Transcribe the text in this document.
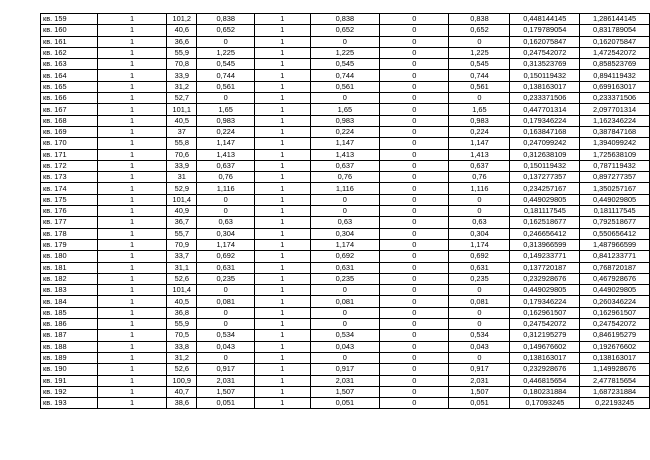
кв. 159	1	101,2	0,838	1	0,838	0	0,838	0,448144145	1,286144145
кв. 160	1	40,6	0,652	1	0,652	0	0,652	0,179789054	0,831789054
кв. 161	1	36,6	0	1	0	0	0	0,162075847	0,162075847
кв. 162	1	55,9	1,225	1	1,225	0	1,225	0,247542072	1,472542072
кв. 163	1	70,8	0,545	1	0,545	0	0,545	0,313523769	0,858523769
кв. 164	1	33,9	0,744	1	0,744	0	0,744	0,150119432	0,894119432
кв. 165	1	31,2	0,561	1	0,561	0	0,561	0,138163017	0,699163017
кв. 166	1	52,7	0	1	0	0	0	0,233371506	0,233371506
кв. 167	1	101,1	1,65	1	1,65	0	1,65	0,447701314	2,097701314
кв. 168	1	40,5	0,983	1	0,983	0	0,983	0,179346224	1,162346224
кв. 169	1	37	0,224	1	0,224	0	0,224	0,163847168	0,387847168
кв. 170	1	55,8	1,147	1	1,147	0	1,147	0,247099242	1,394099242
кв. 171	1	70,6	1,413	1	1,413	0	1,413	0,312638109	1,725638109
кв. 172	1	33,9	0,637	1	0,637	0	0,637	0,150119432	0,787119432
кв. 173	1	31	0,76	1	0,76	0	0,76	0,137277357	0,897277357
кв. 174	1	52,9	1,116	1	1,116	0	1,116	0,234257167	1,350257167
кв. 175	1	101,4	0	1	0	0	0	0,449029805	0,449029805
кв. 176	1	40,9	0	1	0	0	0	0,181117545	0,181117545
кв. 177	1	36,7	0,63	1	0,63	0	0,63	0,162518677	0,792518677
кв. 178	1	55,7	0,304	1	0,304	0	0,304	0,246656412	0,550656412
кв. 179	1	70,9	1,174	1	1,174	0	1,174	0,313966599	1,487966599
кв. 180	1	33,7	0,692	1	0,692	0	0,692	0,149233771	0,841233771
кв. 181	1	31,1	0,631	1	0,631	0	0,631	0,137720187	0,768720187
кв. 182	1	52,6	0,235	1	0,235	0	0,235	0,232928676	0,467928676
кв. 183	1	101,4	0	1	0	0	0	0,449029805	0,449029805
кв. 184	1	40,5	0,081	1	0,081	0	0,081	0,179346224	0,260346224
кв. 185	1	36,8	0	1	0	0	0	0,162961507	0,162961507
кв. 186	1	55,9	0	1	0	0	0	0,247542072	0,247542072
кв. 187	1	70,5	0,534	1	0,534	0	0,534	0,312195279	0,846195279
кв. 188	1	33,8	0,043	1	0,043	0	0,043	0,149676602	0,192676602
кв. 189	1	31,2	0	1	0	0	0	0,138163017	0,138163017
кв. 190	1	52,6	0,917	1	0,917	0	0,917	0,232928676	1,149928676
кв. 191	1	100,9	2,031	1	2,031	0	2,031	0,446815654	2,477815654
кв. 192	1	40,7	1,507	1	1,507	0	1,507	0,180231884	1,687231884
кв. 193	1	38,6	0,051	1	0,051	0	0,051	0,17093245	0,22193245
